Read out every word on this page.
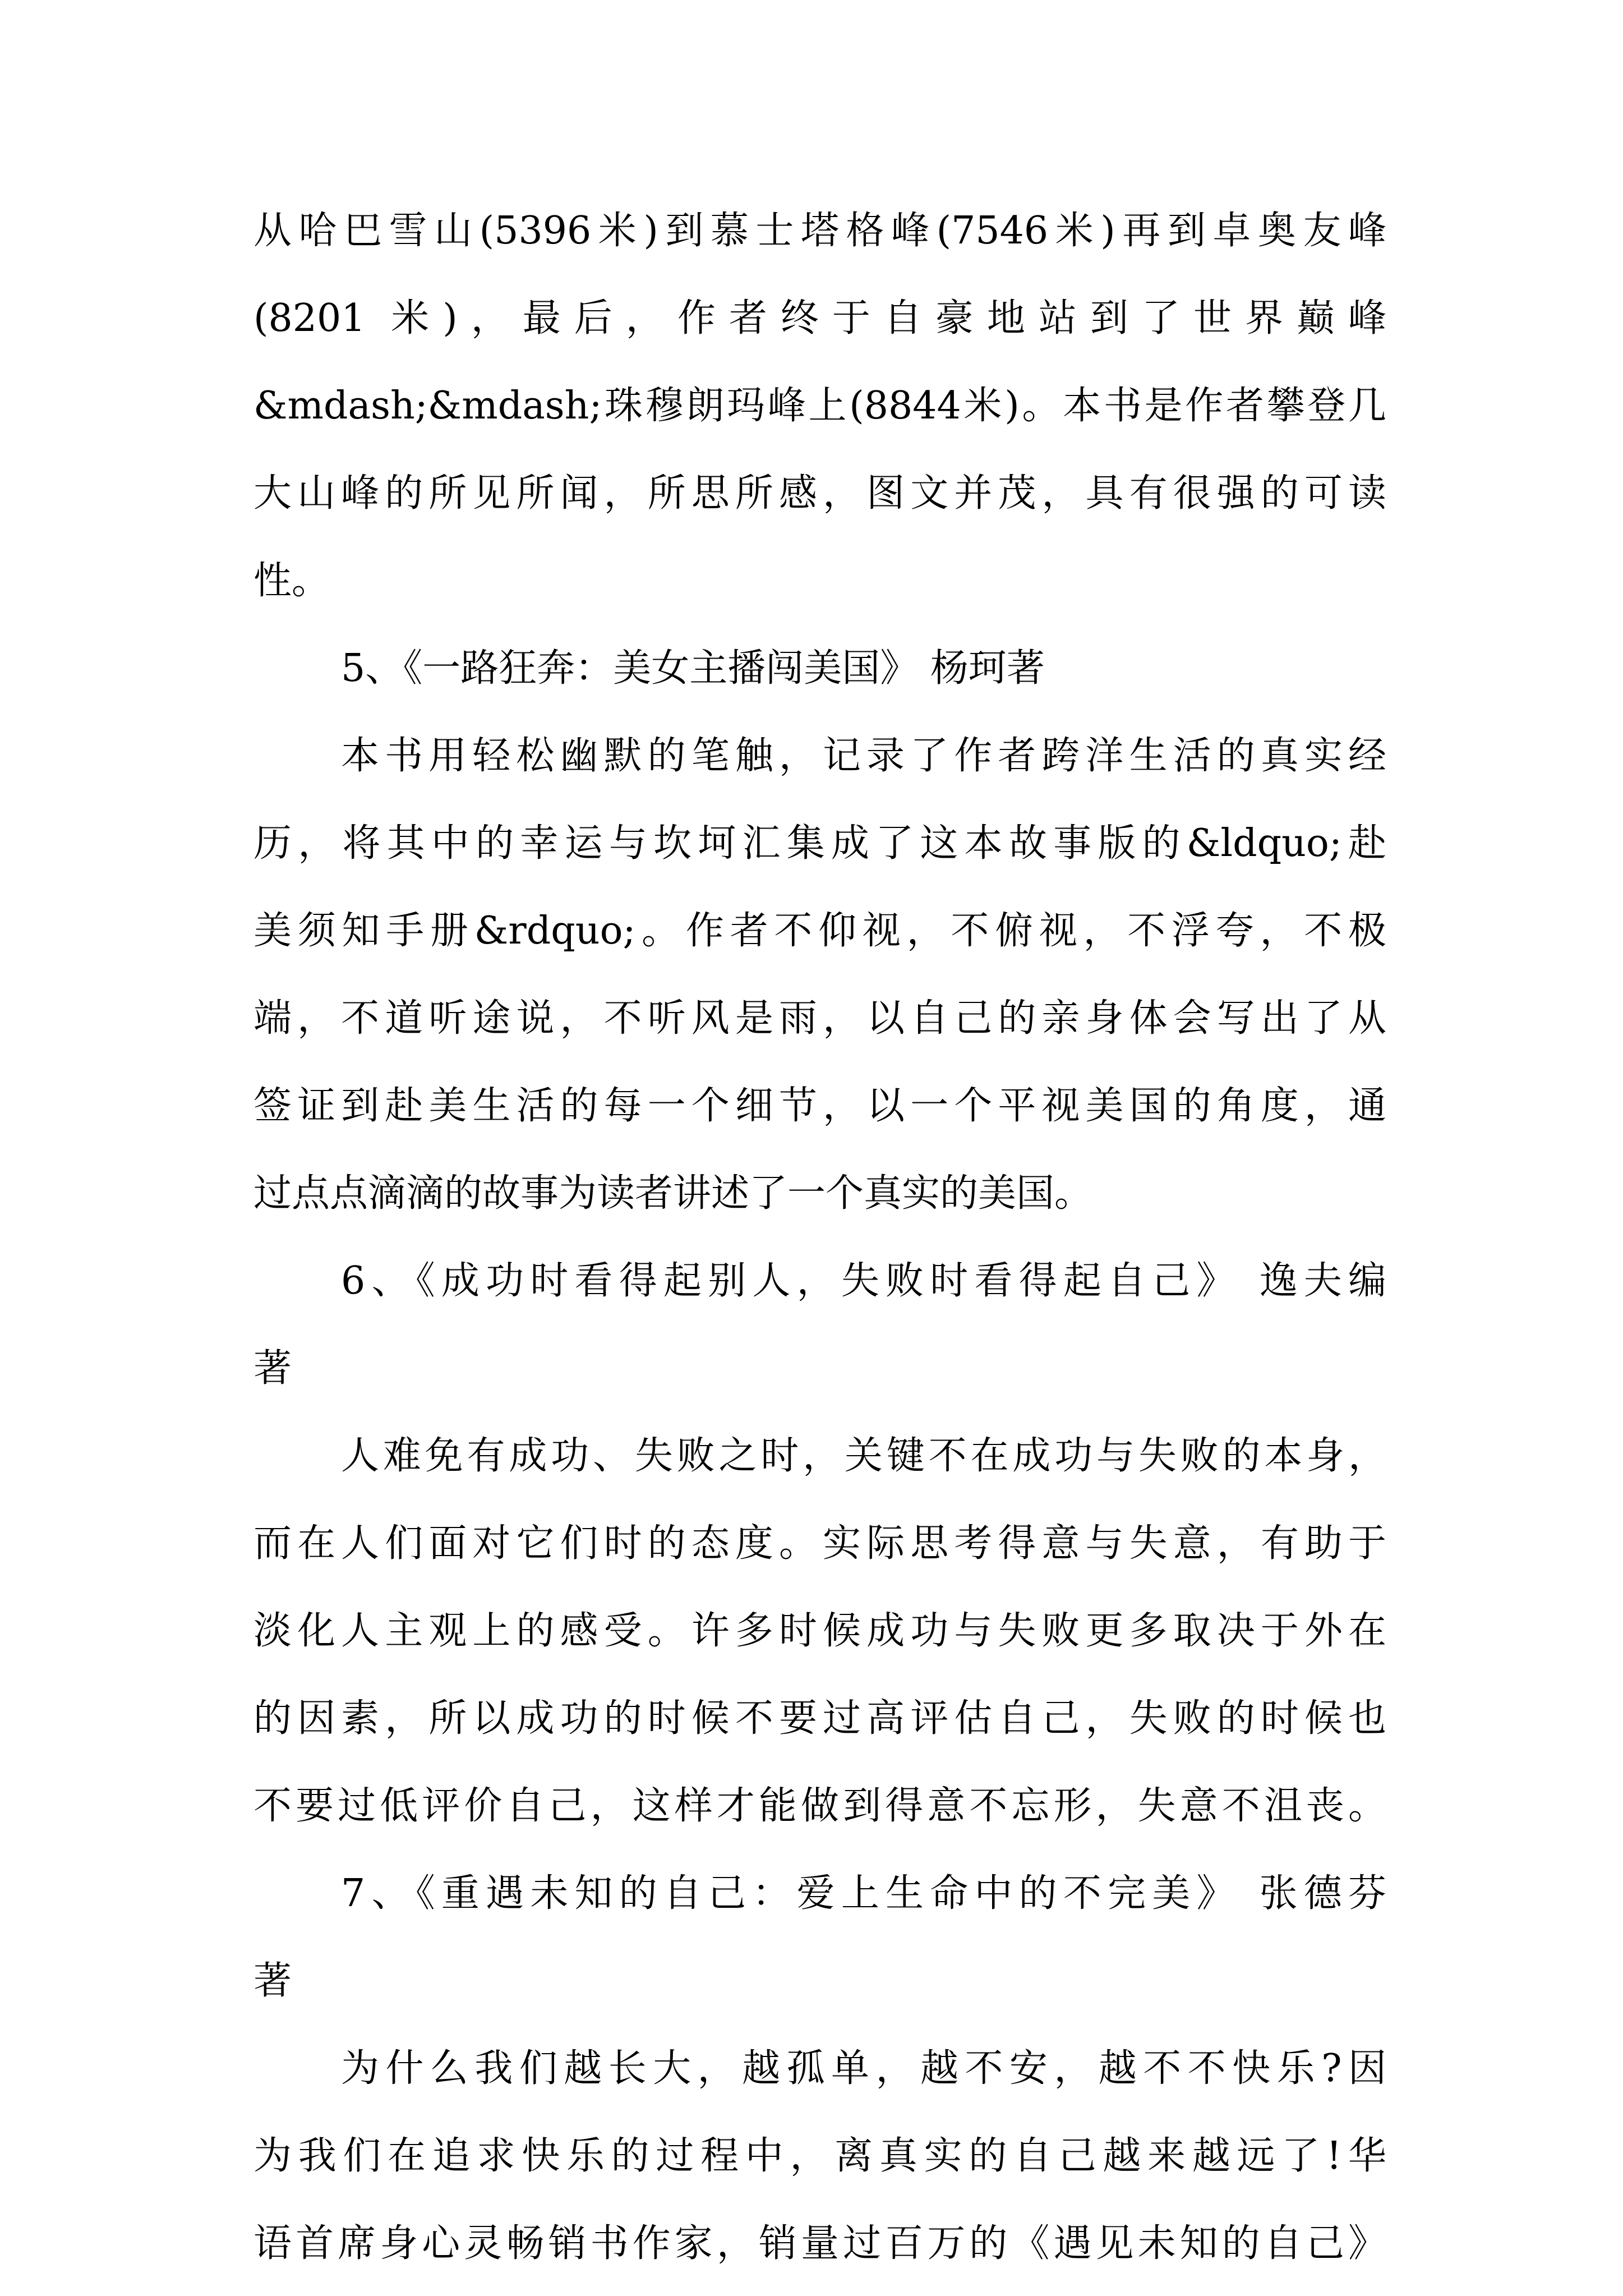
从哈巴雪山(5396米)到慕士塔格峰(7546米)再到卓奥友峰
(8201 米)，最后，作者终于自豪地站到了世界巅峰
&mdash;&mdash;珠穆朗玛峰上(8844米)。本书是作者攀登几
大山峰的所见所闻，所思所感，图文并茂，具有很强的可读
性。
5、《一路狂奔：美女主播闯美国》 杨珂著
本书用轻松幽默的笔触，记录了作者跨洋生活的真实经
历，将其中的幸运与坎坷汇集成了这本故事版的&ldquo;赴
美须知手册&rdquo;。作者不仰视，不俯视，不浮夸，不极
端，不道听途说，不听风是雨，以自己的亲身体会写出了从
签证到赴美生活的每一个细节，以一个平视美国的角度，通
过点点滴滴的故事为读者讲述了一个真实的美国。
6、《成功时看得起别人，失败时看得起自己》 逸夫编
著
人难免有成功、失败之时，关键不在成功与失败的本身，
而在人们面对它们时的态度。实际思考得意与失意，有助于
淡化人主观上的感受。许多时候成功与失败更多取决于外在
的因素，所以成功的时候不要过高评估自己，失败的时候也
不要过低评价自己，这样才能做到得意不忘形，失意不沮丧。
7、《重遇未知的自己：爱上生命中的不完美》 张德芬
著
为什么我们越长大，越孤单，越不安，越不不快乐?因
为我们在追求快乐的过程中，离真实的自己越来越远了!华
语首席身心灵畅销书作家，销量过百万的《遇见未知的自己》
